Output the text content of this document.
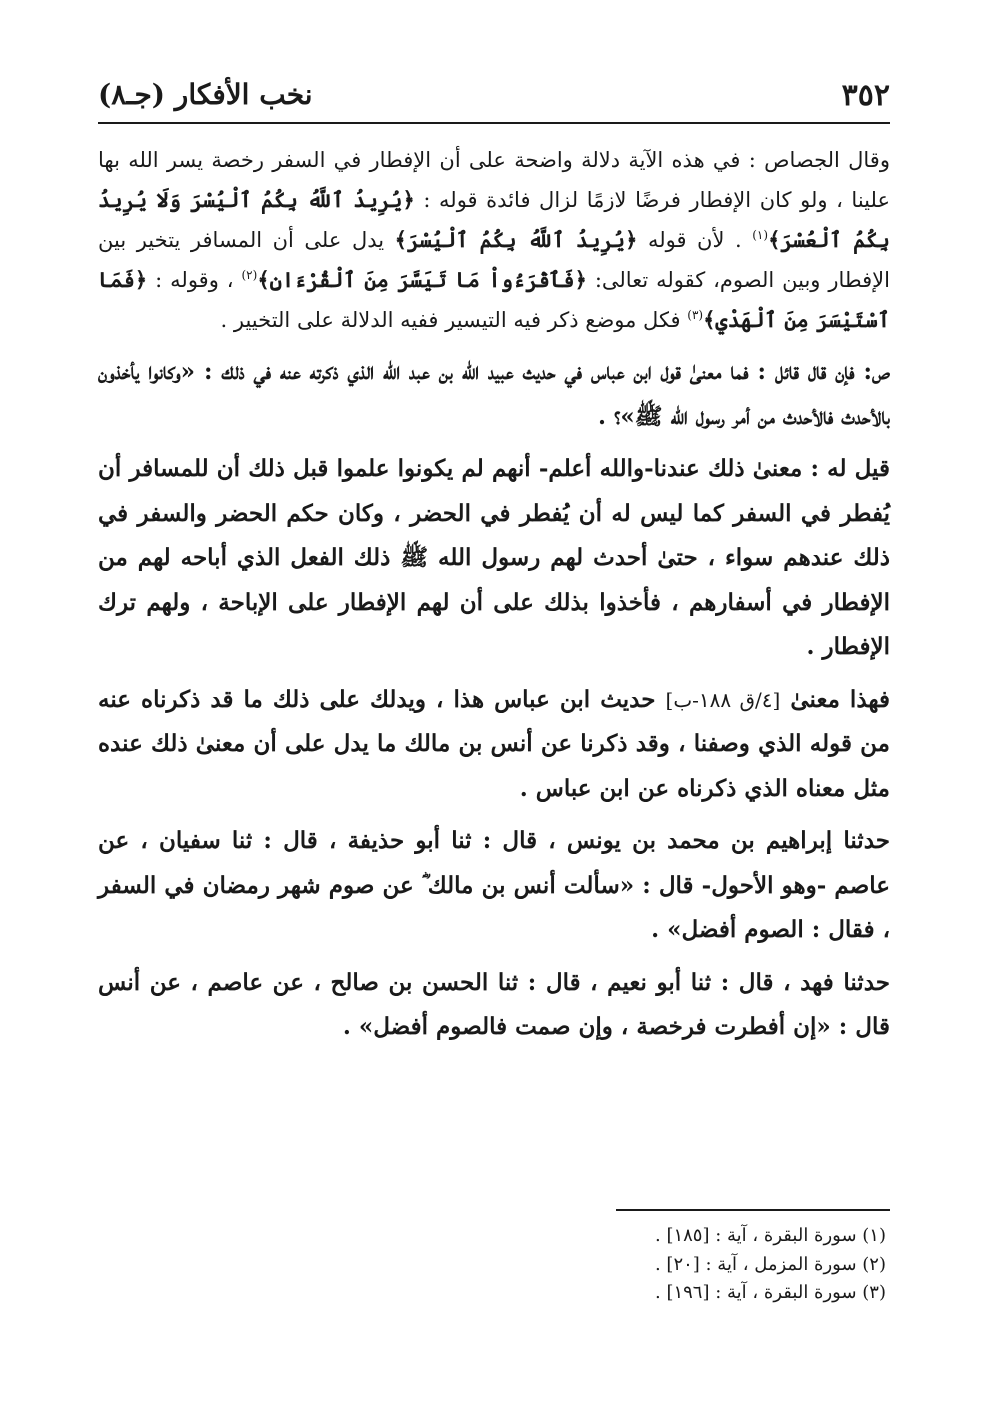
٣٥٢
نخب الأفكار (جـ٨)

وقال الجصاص : في هذه الآية دلالة واضحة على أن الإفطار في السفر رخصة يسر الله بها علينا ، ولو كان الإفطار فرضًا لازمًا لزال فائدة قوله : ﴿يُرِيدُ ٱللَّهُ بِكُمُ ٱلْيُسْرَ وَلَا يُرِيدُ بِكُمُ ٱلْعُسْرَ﴾$^{(١)}$ . لأن قوله ﴿يُرِيدُ ٱللَّهُ بِكُمُ ٱلْيُسْرَ﴾ يدل على أن المسافر يتخير بين الإفطار وبين الصوم، كقوله تعالى: ﴿فَٱقْرَءُواْ مَا تَيَسَّرَ مِنَ ٱلْقُرْءَانِ﴾$^{(٢)}$ ، وقوله : ﴿فَمَا ٱسْتَيْسَرَ مِنَ ٱلْهَدْيِ﴾$^{(٣)}$ فكل موضع ذكر فيه التيسير ففيه الدلالة على التخيير .

ص: فإن قال قائل : فما معنىٰ قول ابن عباس في حديث عبيد الله بن عبد الله الذي ذكرته عنه في ذلك : «وكانوا يأخذون بالأحدث فالأحدث من أمر رسول الله ﷺ»؟ .

قيل له : معنىٰ ذلك عندنا-والله أعلم- أنهم لم يكونوا علموا قبل ذلك أن للمسافر أن يُفطر في السفر كما ليس له أن يُفطر في الحضر ، وكان حكم الحضر والسفر في ذلك عندهم سواء ، حتىٰ أحدث لهم رسول الله ﷺ ذلك الفعل الذي أباحه لهم من الإفطار في أسفارهم ، فأخذوا بذلك على أن لهم الإفطار على الإباحة ، ولهم ترك الإفطار .

فهذا معنىٰ [٤/ق ١٨٨-ب] حديث ابن عباس هذا ، ويدلك على ذلك ما قد ذكرناه عنه من قوله الذي وصفنا ، وقد ذكرنا عن أنس بن مالك ما يدل على أن معنىٰ ذلك عنده مثل معناه الذي ذكرناه عن ابن عباس .

حدثنا إبراهيم بن محمد بن يونس ، قال : ثنا أبو حذيفة ، قال : ثنا سفيان ، عن عاصم -وهو الأحول- قال : «سألت أنس بن مالك ؓ عن صوم شهر رمضان في السفر ، فقال : الصوم أفضل» .

حدثنا فهد ، قال : ثنا أبو نعيم ، قال : ثنا الحسن بن صالح ، عن عاصم ، عن أنس قال : «إن أفطرت فرخصة ، وإن صمت فالصوم أفضل» .

(١) سورة البقرة ، آية : [١٨٥] .
(٢) سورة المزمل ، آية : [٢٠] .
(٣) سورة البقرة ، آية : [١٩٦] .
